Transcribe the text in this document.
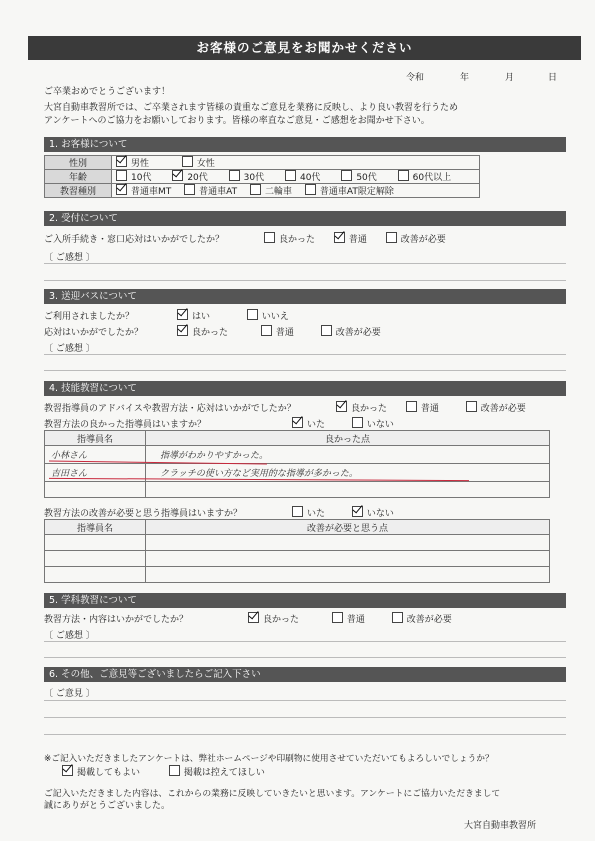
お客様のご意見をお聞かせください
令和	年	月	日
ご卒業おめでとうございます！
大宮自動車教習所では、ご卒業されます皆様の貴重なご意見を業務に反映し、より良い教習を行うため
アンケートへのご協力をお願いしております。皆様の率直なご意見・ご感想をお聞かせ下さい。
1. お客様について
性別	男性 女性
年齢	10代 20代 30代 40代 50代 60代以上
教習種別	普通車MT 普通車AT 二輪車 普通車AT限定解除
2. 受付について
ご入所手続き・窓口応対はいかがでしたか？	良かった	普通	改善が必要
〔 ご感想 〕
3. 送迎バスについて
ご利用されましたか？	はい	いいえ
応対はいかがでしたか？	良かった	普通	改善が必要
〔 ご感想 〕
4. 技能教習について
教習指導員のアドバイスや教習方法・応対はいかがでしたか？	良かった	普通	改善が必要
教習方法の良かった指導員はいますか？	いた	いない
指導員名	良かった点
小林さん	指導がわかりやすかった。
吉田さん	クラッチの使い方など実用的な指導が多かった。

教習方法の改善が必要と思う指導員はいますか？	いた	いない
指導員名	改善が必要と思う点

5. 学科教習について
教習方法・内容はいかがでしたか？	良かった	普通	改善が必要
〔 ご感想 〕
6. その他、ご意見等ございましたらご記入下さい
〔 ご意見 〕
※ご記入いただきましたアンケートは、弊社ホームページや印刷物に使用させていただいてもよろしいでしょうか？
掲載してもよい	掲載は控えてほしい
ご記入いただきました内容は、これからの業務に反映していきたいと思います。アンケートにご協力いただきまして
誠にありがとうございました。
大宮自動車教習所
